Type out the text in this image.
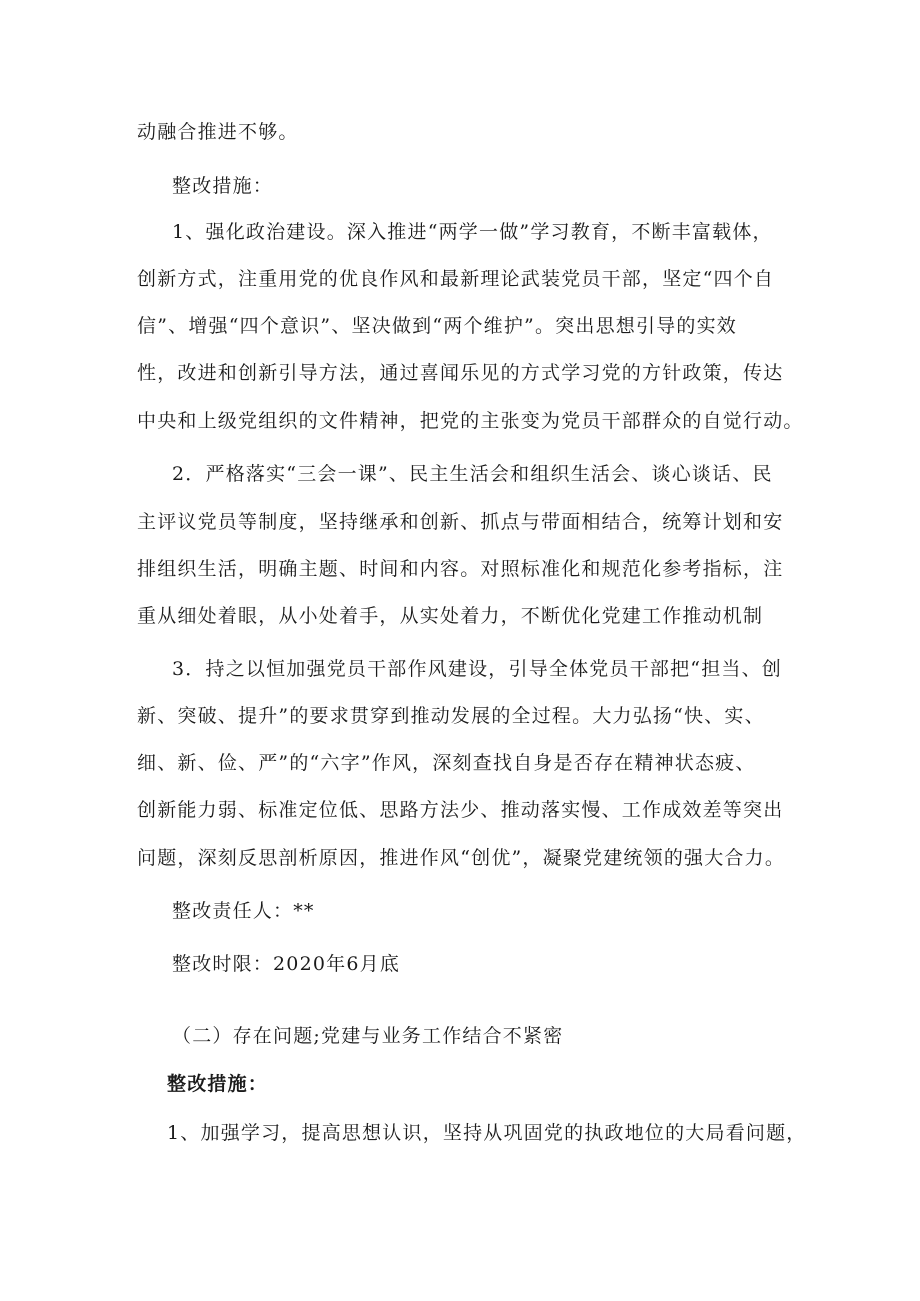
动融合推进不够。
整改措施：
1、强化政治建设。深入推进“两学一做”学习教育，不断丰富载体，
创新方式，注重用党的优良作风和最新理论武装党员干部，坚定“四个自
信”、增强“四个意识”、坚决做到“两个维护”。突出思想引导的实效
性，改进和创新引导方法，通过喜闻乐见的方式学习党的方针政策，传达
中央和上级党组织的文件精神，把党的主张变为党员干部群众的自觉行动。
2．严格落实“三会一课”、民主生活会和组织生活会、谈心谈话、民
主评议党员等制度，坚持继承和创新、抓点与带面相结合，统筹计划和安
排组织生活，明确主题、时间和内容。对照标准化和规范化参考指标，注
重从细处着眼，从小处着手，从实处着力，不断优化党建工作推动机制
3．持之以恒加强党员干部作风建设，引导全体党员干部把“担当、创
新、突破、提升”的要求贯穿到推动发展的全过程。大力弘扬“快、实、
细、新、俭、严”的“六字”作风，深刻查找自身是否存在精神状态疲、
创新能力弱、标准定位低、思路方法少、推动落实慢、工作成效差等突出
问题，深刻反思剖析原因，推进作风“创优”，凝聚党建统领的强大合力。
整改责任人：**
整改时限：2020年6月底
（二）存在问题;党建与业务工作结合不紧密
整改措施：
1、加强学习，提高思想认识，坚持从巩固党的执政地位的大局看问题，
